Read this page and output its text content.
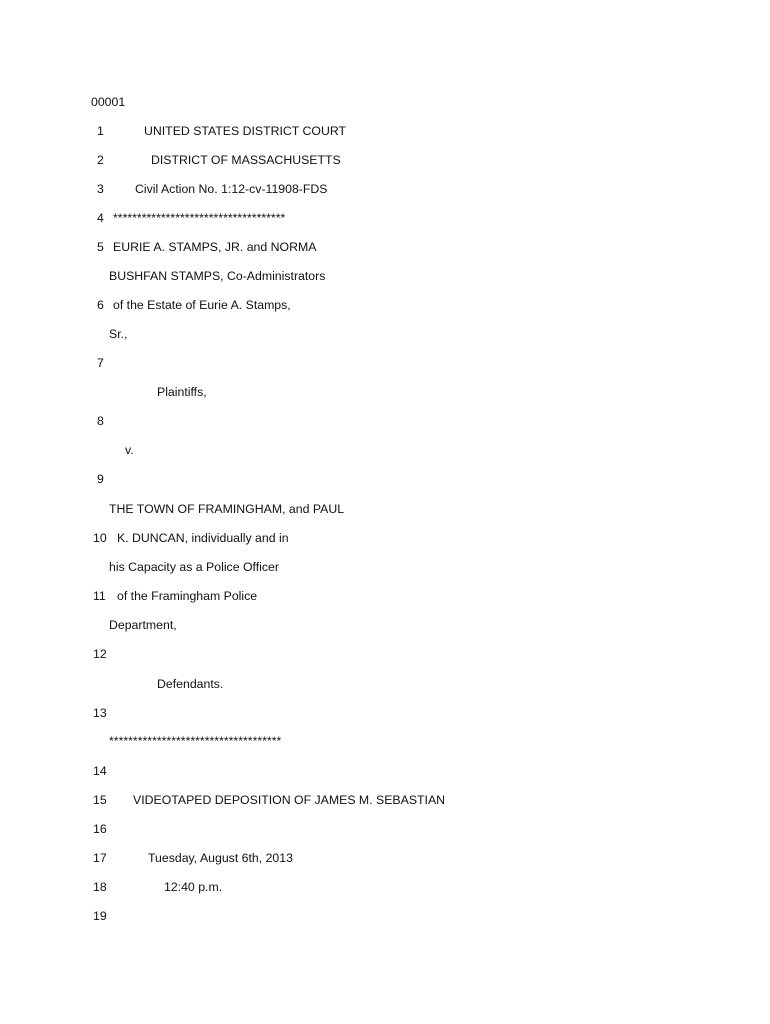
00001
1	UNITED STATES DISTRICT COURT
2	DISTRICT OF MASSACHUSETTS
3	Civil Action No. 1:12-cv-11908-FDS
4 ************************************
5 EURIE A. STAMPS, JR. and NORMA
BUSHFAN STAMPS, Co-Administrators
6 of the Estate of Eurie A. Stamps,
Sr.,
7
Plaintiffs,
8
v.
9
THE TOWN OF FRAMINGHAM, and PAUL
10 K. DUNCAN, individually and in
his Capacity as a Police Officer
11 of the Framingham Police
Department,
12
Defendants.
13
************************************
14
15 VIDEOTAPED DEPOSITION OF JAMES M. SEBASTIAN
16
17	Tuesday, August 6th, 2013
18	12:40 p.m.
19
